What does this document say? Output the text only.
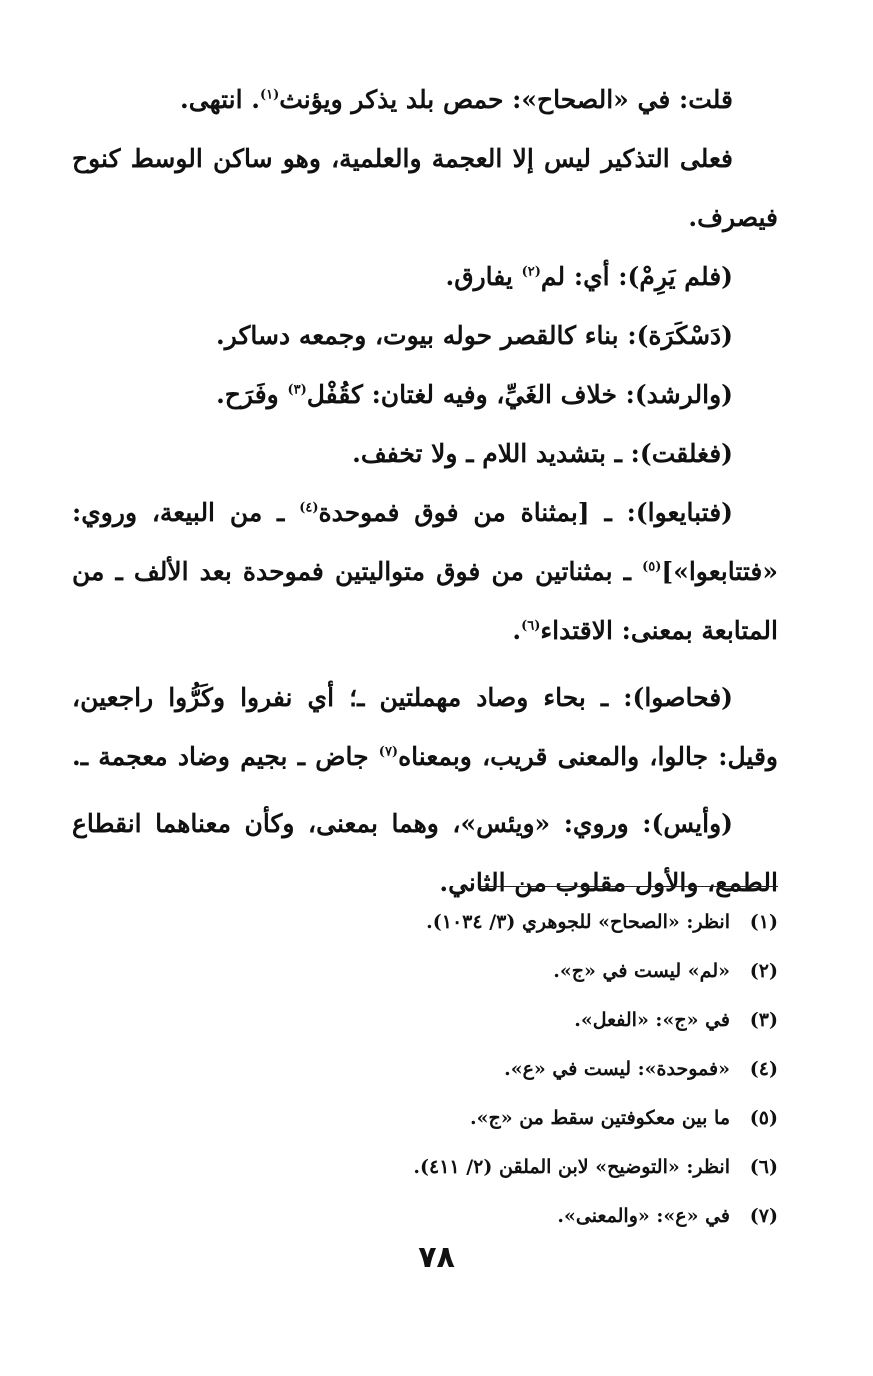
قلت: في «الصحاح»: حمص بلد يذكر ويؤنث$^{(١)}$. انتهى.
فعلى التذكير ليس إلا العجمة والعلمية، وهو ساكن الوسط كنوح
فيصرف.
(فلم يَرِمْ): أي: لم$^{(٢)}$ يفارق.
(دَسْكَرَة): بناء كالقصر حوله بيوت، وجمعه دساكر.
(والرشد): خلاف الغَيِّ، وفيه لغتان: كقُفْل$^{(٣)}$ وفَرَح.
(فغلقت): ـ بتشديد اللام ـ ولا تخفف.
(فتبايعوا): ـ [بمثناة من فوق فموحدة$^{(٤)}$ ـ من البيعة، وروي:
«فتتابعوا»]$^{(٥)}$ ـ بمثناتين من فوق متواليتين فموحدة بعد الألف ـ من
المتابعة بمعنى: الاقتداء$^{(٦)}$.
(فحاصوا): ـ بحاء وصاد مهملتين ـ؛ أي نفروا وكَرُّوا راجعين،
وقيل: جالوا، والمعنى قريب، وبمعناه$^{(٧)}$ جاض ـ بجيم وضاد معجمة ـ.
(وأيس): وروي: «ويئس»، وهما بمعنى، وكأن معناهما انقطاع
الطمع، والأول مقلوب من الثاني.
(١)انظر: «الصحاح» للجوهري (٣/ ١٠٣٤).
(٢)«لم» ليست في «ج».
(٣)في «ج»: «الفعل».
(٤)«فموحدة»: ليست في «ع».
(٥)ما بين معكوفتين سقط من «ج».
(٦)انظر: «التوضيح» لابن الملقن (٢/ ٤١١).
(٧)في «ع»: «والمعنى».
٧٨
